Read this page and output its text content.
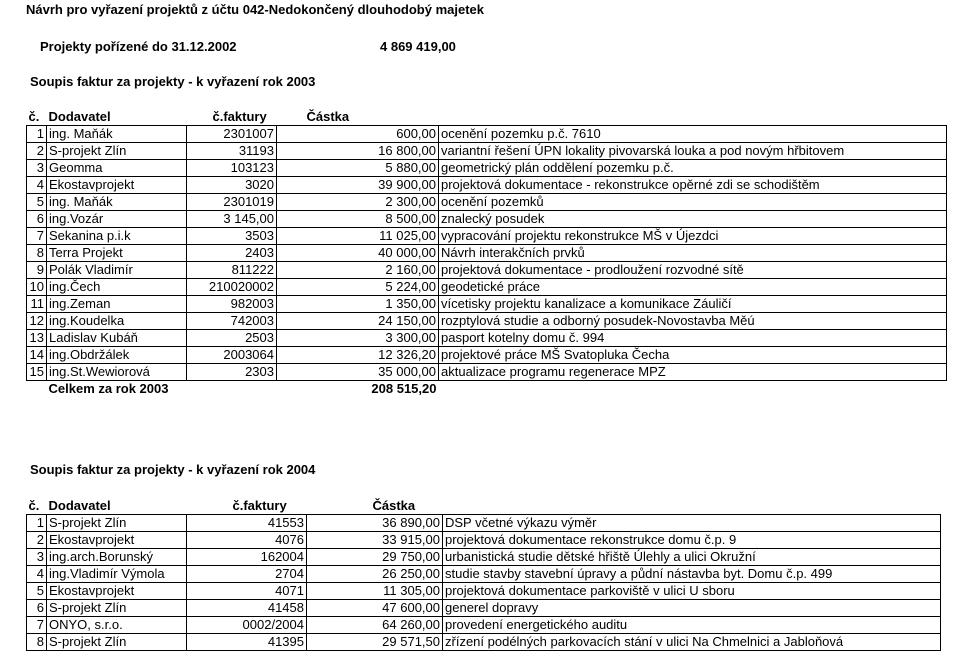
Návrh pro vyřazení projektů z účtu 042-Nedokončený dlouhodobý majetek
Projekty pořízené do 31.12.2002	4 869 419,00
Soupis faktur za projekty - k vyřazení rok 2003
č.	Dodavatel	č.faktury	Částka	
1	ing. Maňák	2301007	600,00	ocenění pozemku p.č. 7610
2	S-projekt Zlín	31193	16 800,00	variantní řešení ÚPN lokality pivovarská louka a pod novým hřbitovem
3	Geomma	103123	5 880,00	geometrický plán oddělení pozemku p.č.
4	Ekostavprojekt	3020	39 900,00	projektová dokumentace - rekonstrukce opěrné zdi se schodištěm
5	ing. Maňák	2301019	2 300,00	ocenění pozemků
6	ing.Vozár	3 145,00	8 500,00	znalecký posudek
7	Sekanina p.i.k	3503	11 025,00	vypracování projektu rekonstrukce MŠ v Újezdci
8	Terra Projekt	2403	40 000,00	Návrh interakčních prvků
9	Polák Vladimír	811222	2 160,00	projektová dokumentace - prodloužení rozvodné sítě
10	ing.Čech	210020002	5 224,00	geodetické práce
11	ing.Zeman	982003	1 350,00	vícetisky projektu kanalizace a komunikace Záuličí
12	ing.Koudelka	742003	24 150,00	rozptylová studie a odborný posudek-Novostavba Měú
13	Ladislav Kubáň	2503	3 300,00	pasport kotelny domu č. 994
14	ing.Obdržálek	2003064	12 326,20	projektové práce MŠ Svatopluka Čecha
15	ing.St.Wewiorová	2303	35 000,00	aktualizace programu regenerace MPZ
	Celkem za rok 2003		208 515,20	
Soupis faktur za projekty - k vyřazení rok 2004
č.	Dodavatel	č.faktury	Částka	
1	S-projekt Zlín	41553	36 890,00	DSP včetné výkazu výměr
2	Ekostavprojekt	4076	33 915,00	projektová dokumentace rekonstrukce domu č.p. 9
3	ing.arch.Borunský	162004	29 750,00	urbanistická studie dětské hřiště Úlehly a ulici Okružní
4	ing.Vladimír Výmola	2704	26 250,00	studie stavby stavební úpravy a půdní nástavba byt. Domu č.p. 499
5	Ekostavprojekt	4071	11 305,00	projektová dokumentace parkoviště v ulici U sboru
6	S-projekt Zlín	41458	47 600,00	generel dopravy
7	ONYO, s.r.o.	0002/2004	64 260,00	provedení energetického auditu
8	S-projekt Zlín	41395	29 571,50	zřízení podélných parkovacích stání v ulici Na Chmelnici a Jabloňová
